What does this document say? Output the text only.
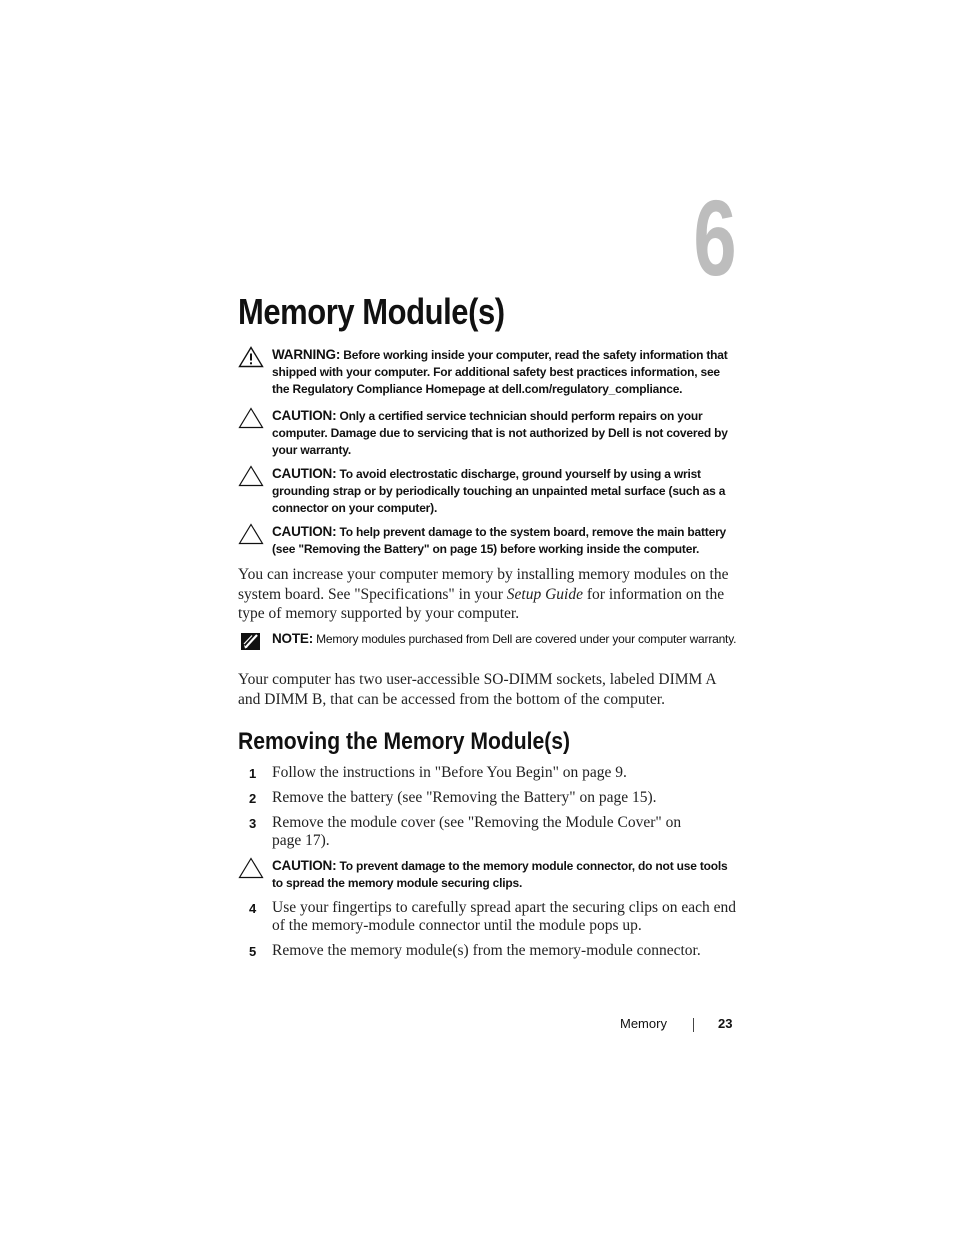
6
Memory Module(s)
WARNING: Before working inside your computer, read the safety information that shipped with your computer. For additional safety best practices information, see the Regulatory Compliance Homepage at dell.com/regulatory_compliance.
CAUTION: Only a certified service technician should perform repairs on your computer. Damage due to servicing that is not authorized by Dell is not covered by your warranty.
CAUTION: To avoid electrostatic discharge, ground yourself by using a wrist grounding strap or by periodically touching an unpainted metal surface (such as a connector on your computer).
CAUTION: To help prevent damage to the system board, remove the main battery (see "Removing the Battery" on page 15) before working inside the computer.

You can increase your computer memory by installing memory modules on the system board. See "Specifications" in your Setup Guide for information on the type of memory supported by your computer.

NOTE: Memory modules purchased from Dell are covered under your computer warranty.

Your computer has two user-accessible SO-DIMM sockets, labeled DIMM A and DIMM B, that can be accessed from the bottom of the computer.

Removing the Memory Module(s)
1 Follow the instructions in "Before You Begin" on page 9.
2 Remove the battery (see "Removing the Battery" on page 15).
3 Remove the module cover (see "Removing the Module Cover" on page 17).
CAUTION: To prevent damage to the memory module connector, do not use tools to spread the memory module securing clips.
4 Use your fingertips to carefully spread apart the securing clips on each end of the memory-module connector until the module pops up.
5 Remove the memory module(s) from the memory-module connector.
Memory	23
